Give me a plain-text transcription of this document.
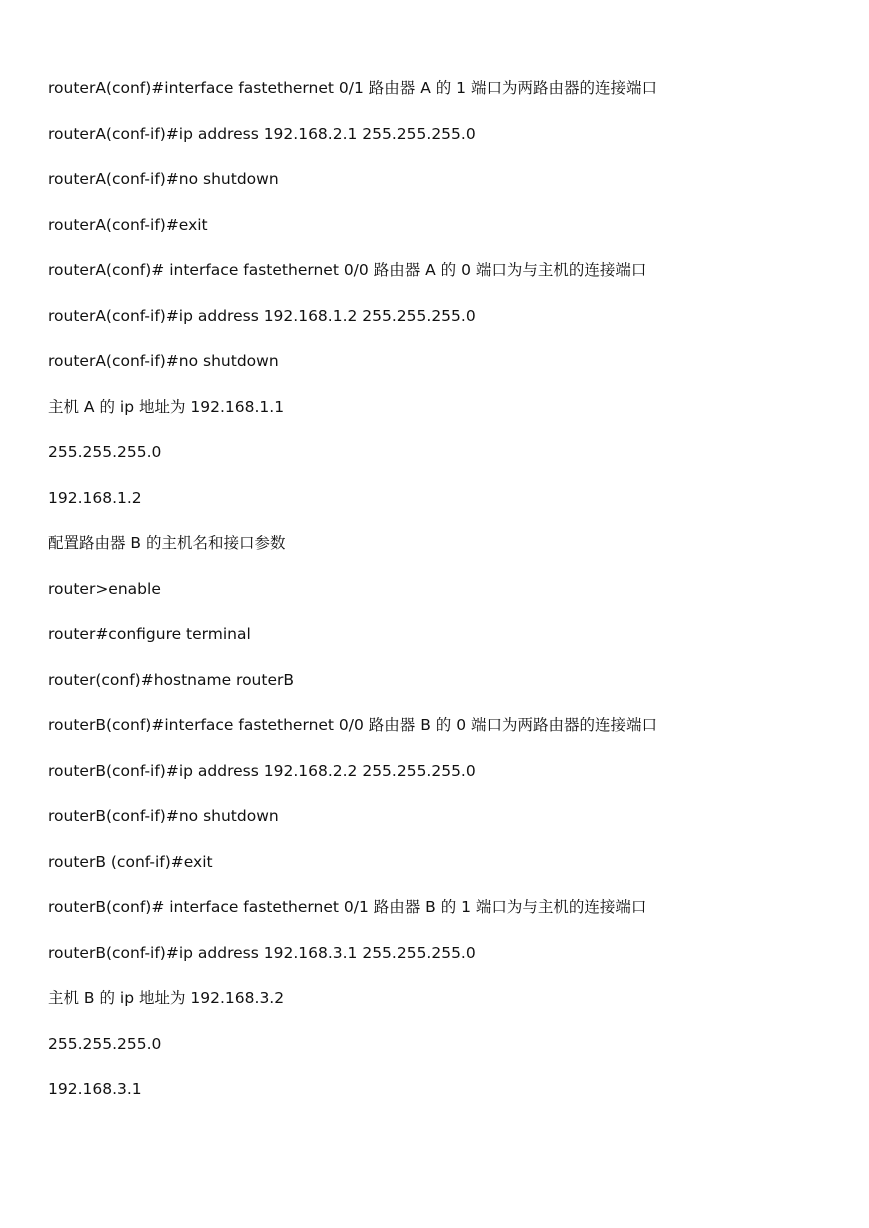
routerA(conf)#interface fastethernet 0/1 路由器 A 的 1 端口为两路由器的连接端口
routerA(conf-if)#ip address 192.168.2.1 255.255.255.0
routerA(conf-if)#no shutdown
routerA(conf-if)#exit
routerA(conf)# interface fastethernet 0/0 路由器 A 的 0 端口为与主机的连接端口
routerA(conf-if)#ip address 192.168.1.2 255.255.255.0
routerA(conf-if)#no shutdown
主机 A 的 ip 地址为 192.168.1.1
255.255.255.0
192.168.1.2
配置路由器 B 的主机名和接口参数
router>enable
router#configure terminal
router(conf)#hostname routerB
routerB(conf)#interface fastethernet 0/0 路由器 B 的 0 端口为两路由器的连接端口
routerB(conf-if)#ip address 192.168.2.2 255.255.255.0
routerB(conf-if)#no shutdown
routerB (conf-if)#exit
routerB(conf)# interface fastethernet 0/1 路由器 B 的 1 端口为与主机的连接端口
routerB(conf-if)#ip address 192.168.3.1 255.255.255.0
主机 B 的 ip 地址为 192.168.3.2
255.255.255.0
192.168.3.1
